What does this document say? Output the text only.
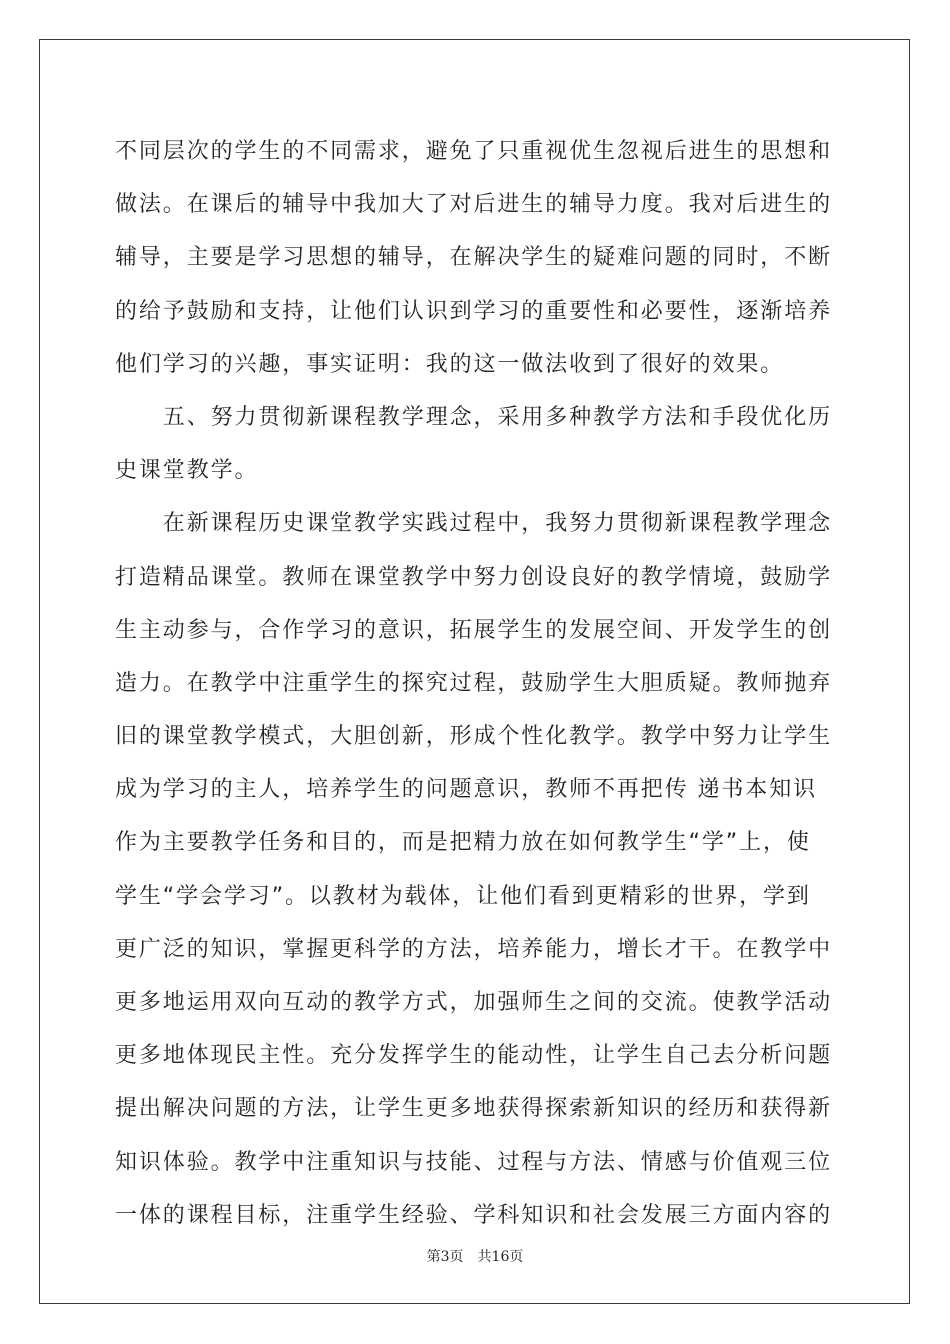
不同层次的学生的不同需求，避免了只重视优生忽视后进生的思想和
做法。在课后的辅导中我加大了对后进生的辅导力度。我对后进生的
辅导，主要是学习思想的辅导，在解决学生的疑难问题的同时，不断
的给予鼓励和支持，让他们认识到学习的重要性和必要性，逐渐培养
他们学习的兴趣，事实证明：我的这一做法收到了很好的效果。
　　五、努力贯彻新课程教学理念，采用多种教学方法和手段优化历
史课堂教学。
　　在新课程历史课堂教学实践过程中，我努力贯彻新课程教学理念
打造精品课堂。教师在课堂教学中努力创设良好的教学情境，鼓励学
生主动参与，合作学习的意识，拓展学生的发展空间、开发学生的创
造力。在教学中注重学生的探究过程，鼓励学生大胆质疑。教师抛弃
旧的课堂教学模式，大胆创新，形成个性化教学。教学中努力让学生
成为学习的主人，培养学生的问题意识，教师不再把传 递书本知识
作为主要教学任务和目的，而是把精力放在如何教学生“学”上，使
学生“学会学习”。以教材为载体，让他们看到更精彩的世界，学到
更广泛的知识，掌握更科学的方法，培养能力，增长才干。在教学中
更多地运用双向互动的教学方式，加强师生之间的交流。使教学活动
更多地体现民主性。充分发挥学生的能动性，让学生自己去分析问题
提出解决问题的方法，让学生更多地获得探索新知识的经历和获得新
知识体验。教学中注重知识与技能、过程与方法、情感与价值观三位
一体的课程目标，注重学生经验、学科知识和社会发展三方面内容的
第3页 共16页
